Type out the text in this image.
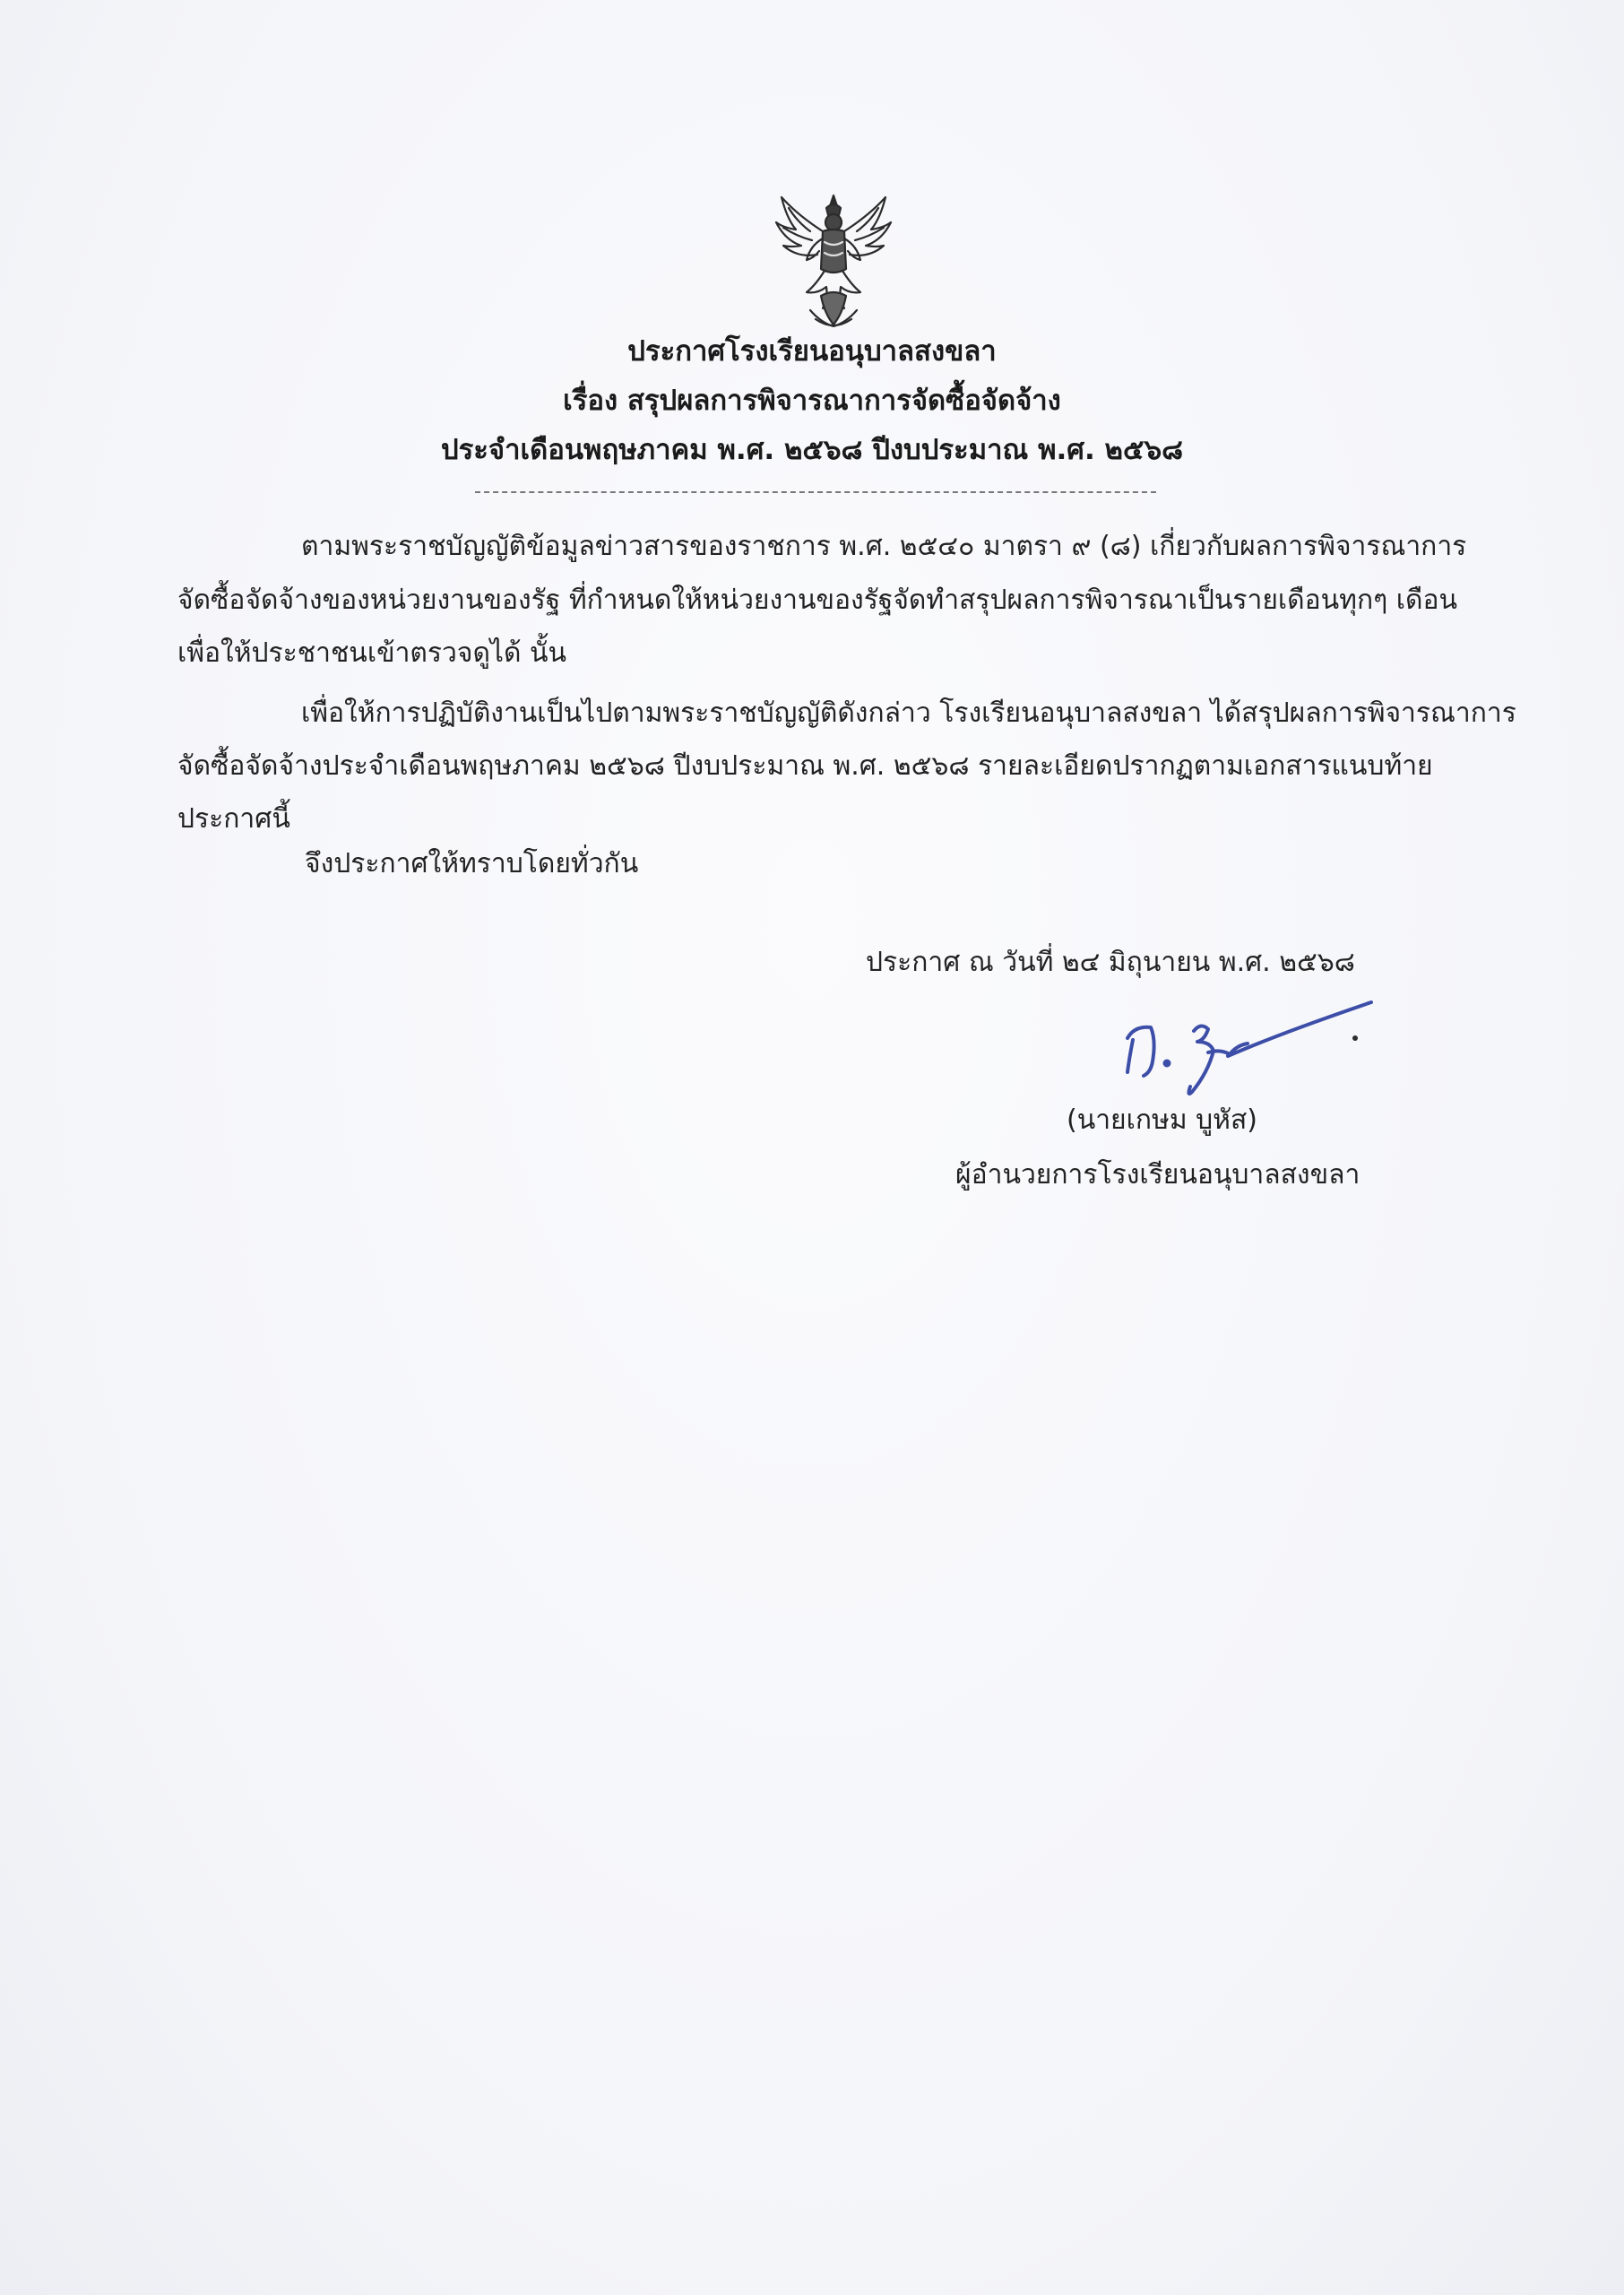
ประกาศโรงเรียนอนุบาลสงขลา
เรื่อง สรุปผลการพิจารณาการจัดซื้อจัดจ้าง
ประจำเดือนพฤษภาคม พ.ศ. ๒๕๖๘ ปีงบประมาณ พ.ศ. ๒๕๖๘
ตามพระราชบัญญัติข้อมูลข่าวสารของราชการ พ.ศ. ๒๕๔๐ มาตรา ๙ (๘) เกี่ยวกับผลการพิจารณาการ
จัดซื้อจัดจ้างของหน่วยงานของรัฐ ที่กำหนดให้หน่วยงานของรัฐจัดทำสรุปผลการพิจารณาเป็นรายเดือนทุกๆ เดือน
เพื่อให้ประชาชนเข้าตรวจดูได้ นั้น
เพื่อให้การปฏิบัติงานเป็นไปตามพระราชบัญญัติดังกล่าว โรงเรียนอนุบาลสงขลา ได้สรุปผลการพิจารณาการ
จัดซื้อจัดจ้างประจำเดือนพฤษภาคม ๒๕๖๘ ปีงบประมาณ พ.ศ. ๒๕๖๘ รายละเอียดปรากฏตามเอกสารแนบท้าย
ประกาศนี้
จึงประกาศให้ทราบโดยทั่วกัน
ประกาศ ณ วันที่ ๒๔ มิถุนายน พ.ศ. ๒๕๖๘
(นายเกษม บูหัส)
ผู้อำนวยการโรงเรียนอนุบาลสงขลา
